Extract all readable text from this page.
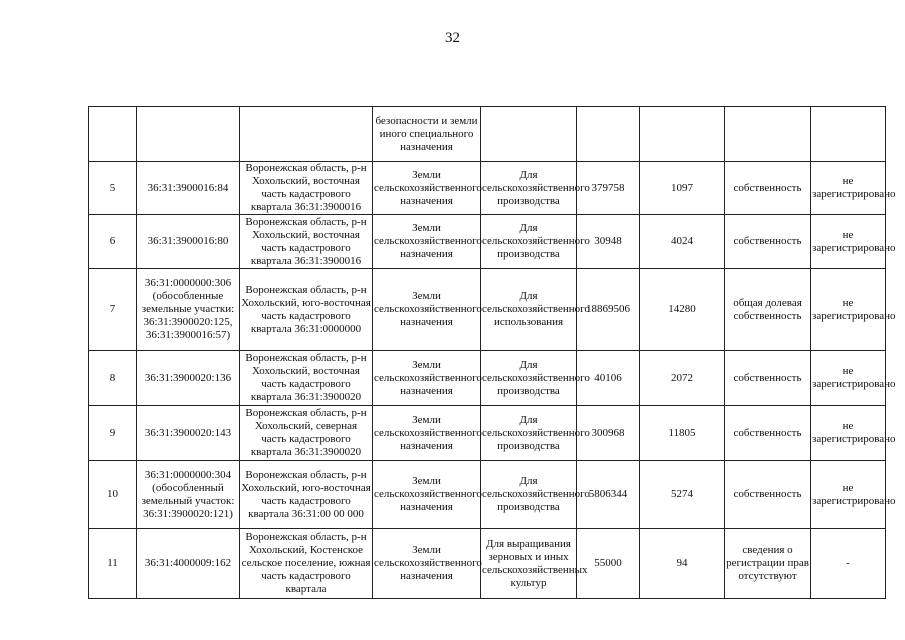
32
			безопасности и земли иного специального назначения					
5	36:31:3900016:84	Воронежская область, р-н Хохольский, восточная часть кадастрового квартала 36:31:3900016	Земли сельскохозяйственного назначения	Для сельскохозяйственного производства	379758	1097	собственность	не зарегистрировано
6	36:31:3900016:80	Воронежская область, р-н Хохольский, восточная часть кадастрового квартала 36:31:3900016	Земли сельскохозяйственного назначения	Для сельскохозяйственного производства	30948	4024	собственность	не зарегистрировано
7	36:31:0000000:306 (обособленные земельные участки: 36:31:3900020:125, 36:31:3900016:57)	Воронежская область, р-н Хохольский, юго-восточная часть кадастрового квартала 36:31:0000000	Земли сельскохозяйственного назначения	Для сельскохозяйственного использования	18869506	14280	общая долевая собственность	не зарегистрировано
8	36:31:3900020:136	Воронежская область, р-н Хохольский, восточная часть кадастрового квартала 36:31:3900020	Земли сельскохозяйственного назначения	Для сельскохозяйственного производства	40106	2072	собственность	не зарегистрировано
9	36:31:3900020:143	Воронежская область, р-н Хохольский, северная часть кадастрового квартала 36:31:3900020	Земли сельскохозяйственного назначения	Для сельскохозяйственного производства	300968	11805	собственность	не зарегистрировано
10	36:31:0000000:304 (обособленный земельный участок: 36:31:3900020:121)	Воронежская область, р-н Хохольский, юго-восточная часть кадастрового квартала 36:31:00 00 000	Земли сельскохозяйственного назначения	Для сельскохозяйственного производства	5806344	5274	собственность	не зарегистрировано
11	36:31:4000009:162	Воронежская область, р-н Хохольский, Костенское сельское поселение, южная часть кадастрового квартала	Земли сельскохозяйственного назначения	Для выращивания зерновых и иных сельскохозяйственных культур	55000	94	сведения о регистрации прав отсутствуют	-
